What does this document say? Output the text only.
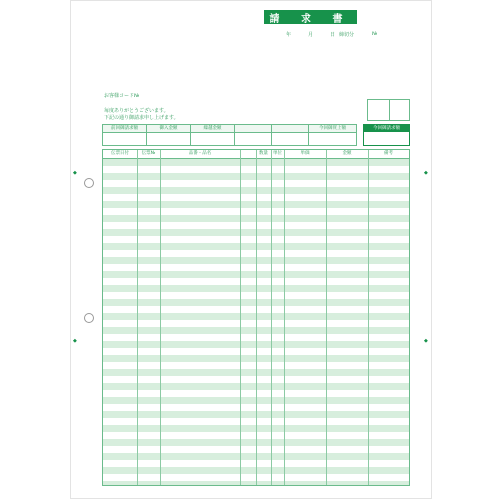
◆
◆
◆
◆
請 求 書
年	月	日 締切分	№
お客様コード№
毎度ありがとうございます。
下記の通り御請求申し上げます。
前回御請求額	御入金額	繰越金額	今回御買上額	今回御請求額
伝票日付	伝票№	品番・品名	数量	単位	単価	金額	備考
